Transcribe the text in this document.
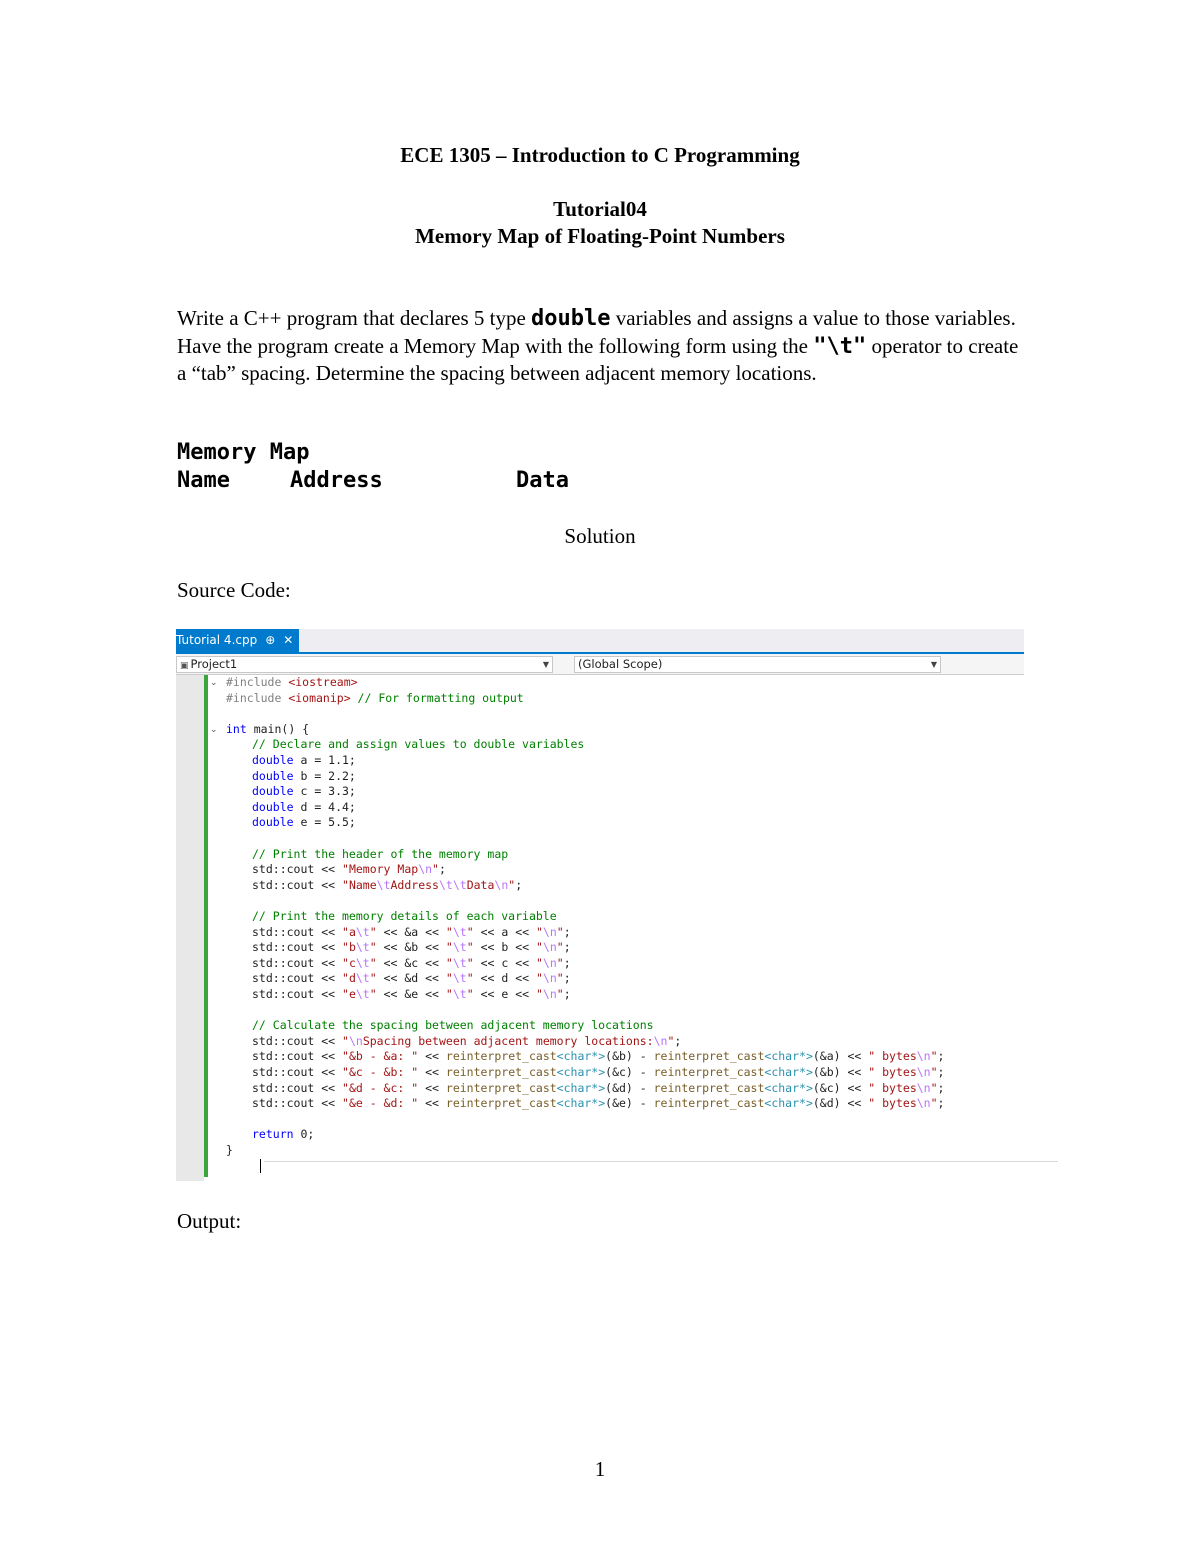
ECE 1305 – Introduction to C Programming
Tutorial04
Memory Map of Floating-Point Numbers
Write a C++ program that declares 5 type double variables and assigns a value to those variables. Have the program create a Memory Map with the following form using the "\t" operator to create a “tab” spacing. Determine the spacing between adjacent memory locations.
Memory Map
Name	Address	Data
Solution
Source Code:
Tutorial 4.cpp ⊕ ✕
▣ Project1	▼	(Global Scope)	▼
⌄ #include <iostream>
#include <iomanip> // For formatting output
⌄ int main() {
// Declare and assign values to double variables
double a = 1.1;
double b = 2.2;
double c = 3.3;
double d = 4.4;
double e = 5.5;
// Print the header of the memory map
std::cout << "Memory Map\n";
std::cout << "Name\tAddress\t\tData\n";
// Print the memory details of each variable
std::cout << "a\t" << &a << "\t" << a << "\n";
std::cout << "b\t" << &b << "\t" << b << "\n";
std::cout << "c\t" << &c << "\t" << c << "\n";
std::cout << "d\t" << &d << "\t" << d << "\n";
std::cout << "e\t" << &e << "\t" << e << "\n";
// Calculate the spacing between adjacent memory locations
std::cout << "\nSpacing between adjacent memory locations:\n";
std::cout << "&b - &a: " << reinterpret_cast<char*>(&b) - reinterpret_cast<char*>(&a) << " bytes\n";
std::cout << "&c - &b: " << reinterpret_cast<char*>(&c) - reinterpret_cast<char*>(&b) << " bytes\n";
std::cout << "&d - &c: " << reinterpret_cast<char*>(&d) - reinterpret_cast<char*>(&c) << " bytes\n";
std::cout << "&e - &d: " << reinterpret_cast<char*>(&e) - reinterpret_cast<char*>(&d) << " bytes\n";
return 0;
}
Output:
1
